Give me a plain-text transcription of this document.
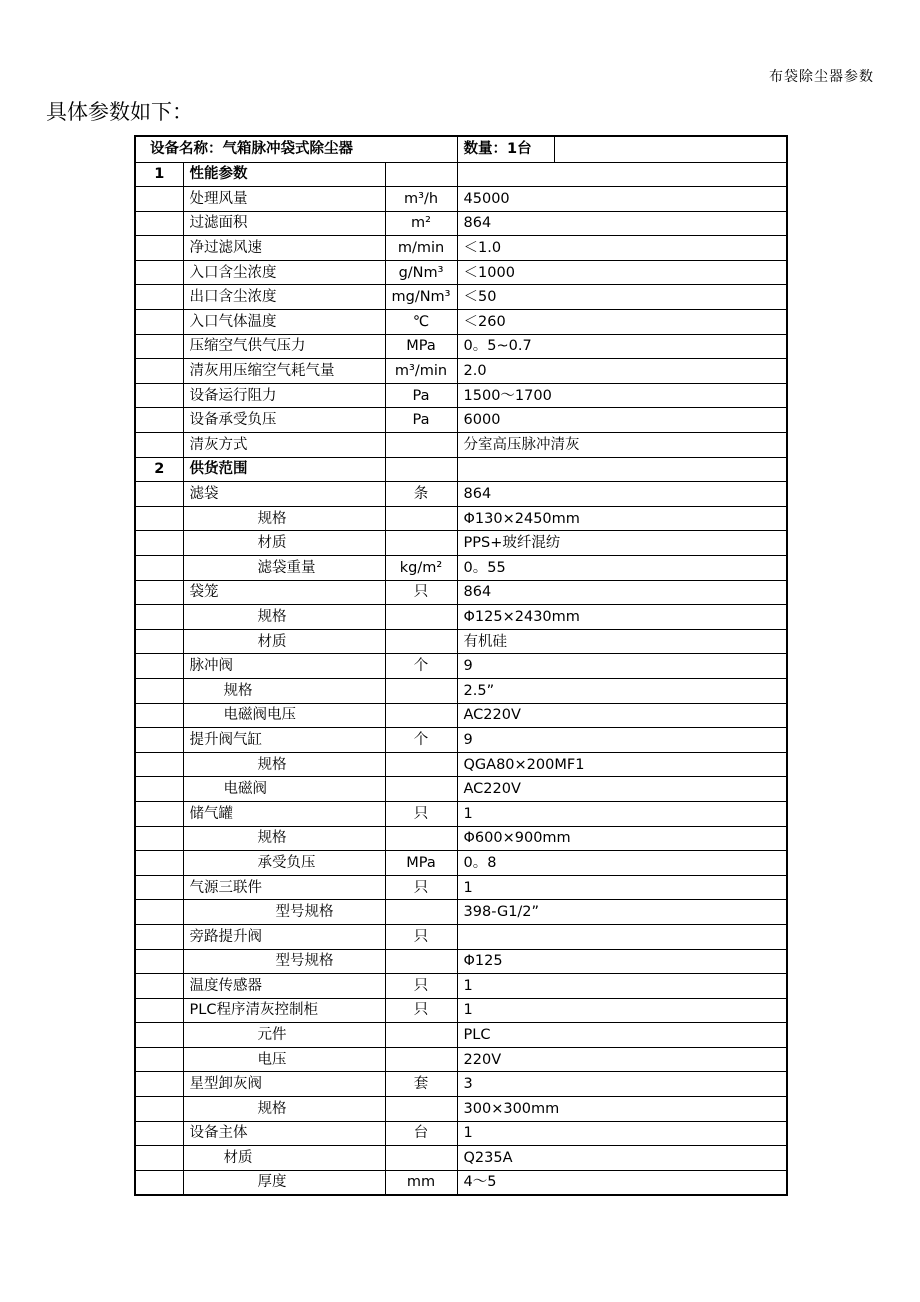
布袋除尘器参数
具体参数如下：
设备名称：气箱脉冲袋式除尘器			数量：1台	
1	性能参数			
	处理风量	m³/h	45000	
	过滤面积	m²	864	
	净过滤风速	m/min	＜1.0	
	入口含尘浓度	g/Nm³	＜1000	
	出口含尘浓度	mg/Nm³	＜50	
	入口气体温度	℃	＜260	
	压缩空气供气压力	MPa	0。5~0.7	
	清灰用压缩空气耗气量	m³/min	2.0	
	设备运行阻力	Pa	1500～1700	
	设备承受负压	Pa	6000	
	清灰方式		分室高压脉冲清灰	
2	供货范围			
	滤袋	条	864	
	规格		Φ130×2450mm	
	材质		PPS+玻纤混纺	
	滤袋重量	kg/m²	0。55	
	袋笼	只	864	
	规格		Φ125×2430mm	
	材质		有机硅	
	脉冲阀	个	9	
	规格		2.5”	
	电磁阀电压		AC220V	
	提升阀气缸	个	9	
	规格		QGA80×200MF1	
	电磁阀		AC220V	
	储气罐	只	1	
	规格		Φ600×900mm	
	承受负压	MPa	0。8	
	气源三联件	只	1	
	型号规格		398-G1/2”	
	旁路提升阀	只		
	型号规格		Φ125	
	温度传感器	只	1	
	PLC程序清灰控制柜	只	1	
	元件		PLC	
	电压		220V	
	星型卸灰阀	套	3	
	规格		300×300mm	
	设备主体	台	1	
	材质		Q235A	
	厚度	mm	4～5	
